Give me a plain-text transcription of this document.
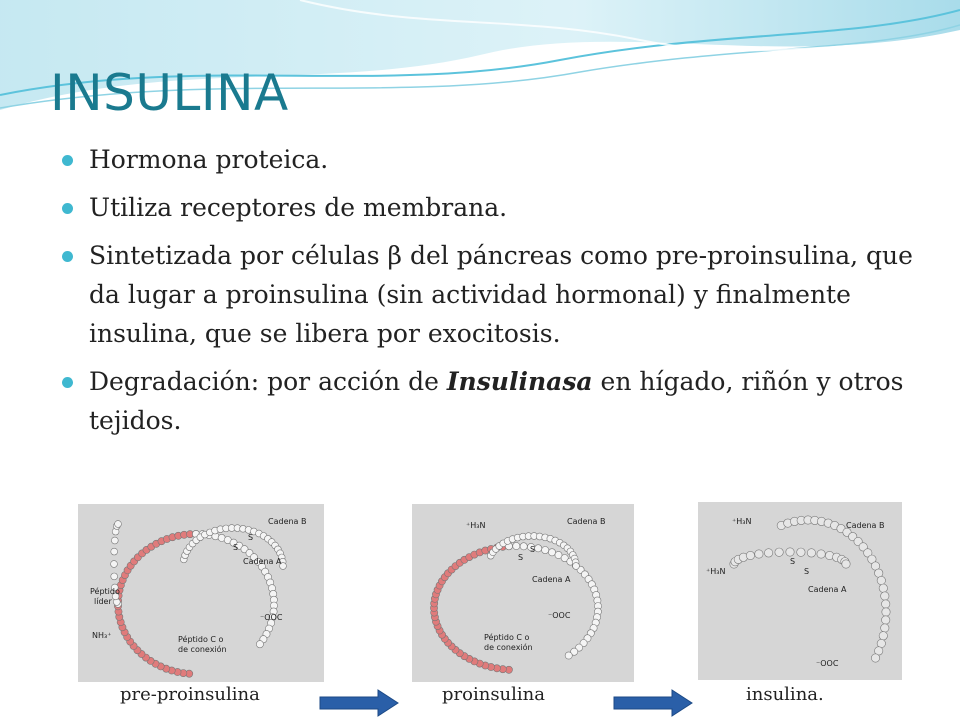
INSULINA
Hormona proteica.
Utiliza receptores de membrana.
Sintetizada por células β del páncreas como pre-proinsulina, que da lugar a proinsulina (sin actividad hormonal) y finalmente insulina, que se libera por exocitosis.
Degradación: por acción de Insulinasa en hígado, riñón y otros tejidos.
Cadena B
Cadena A
Péptido
líder
NH₃⁺
⁻OOC
Péptido C o
de conexión
S
S
⁺H₃N	Cadena B
Cadena A
⁻OOC
Péptido C o
de conexión
S
S
⁺H₃N
⁺H₃N
Cadena B
Cadena A
⁻OOC
S
S
pre-proinsulina	proinsulina	insulina.
